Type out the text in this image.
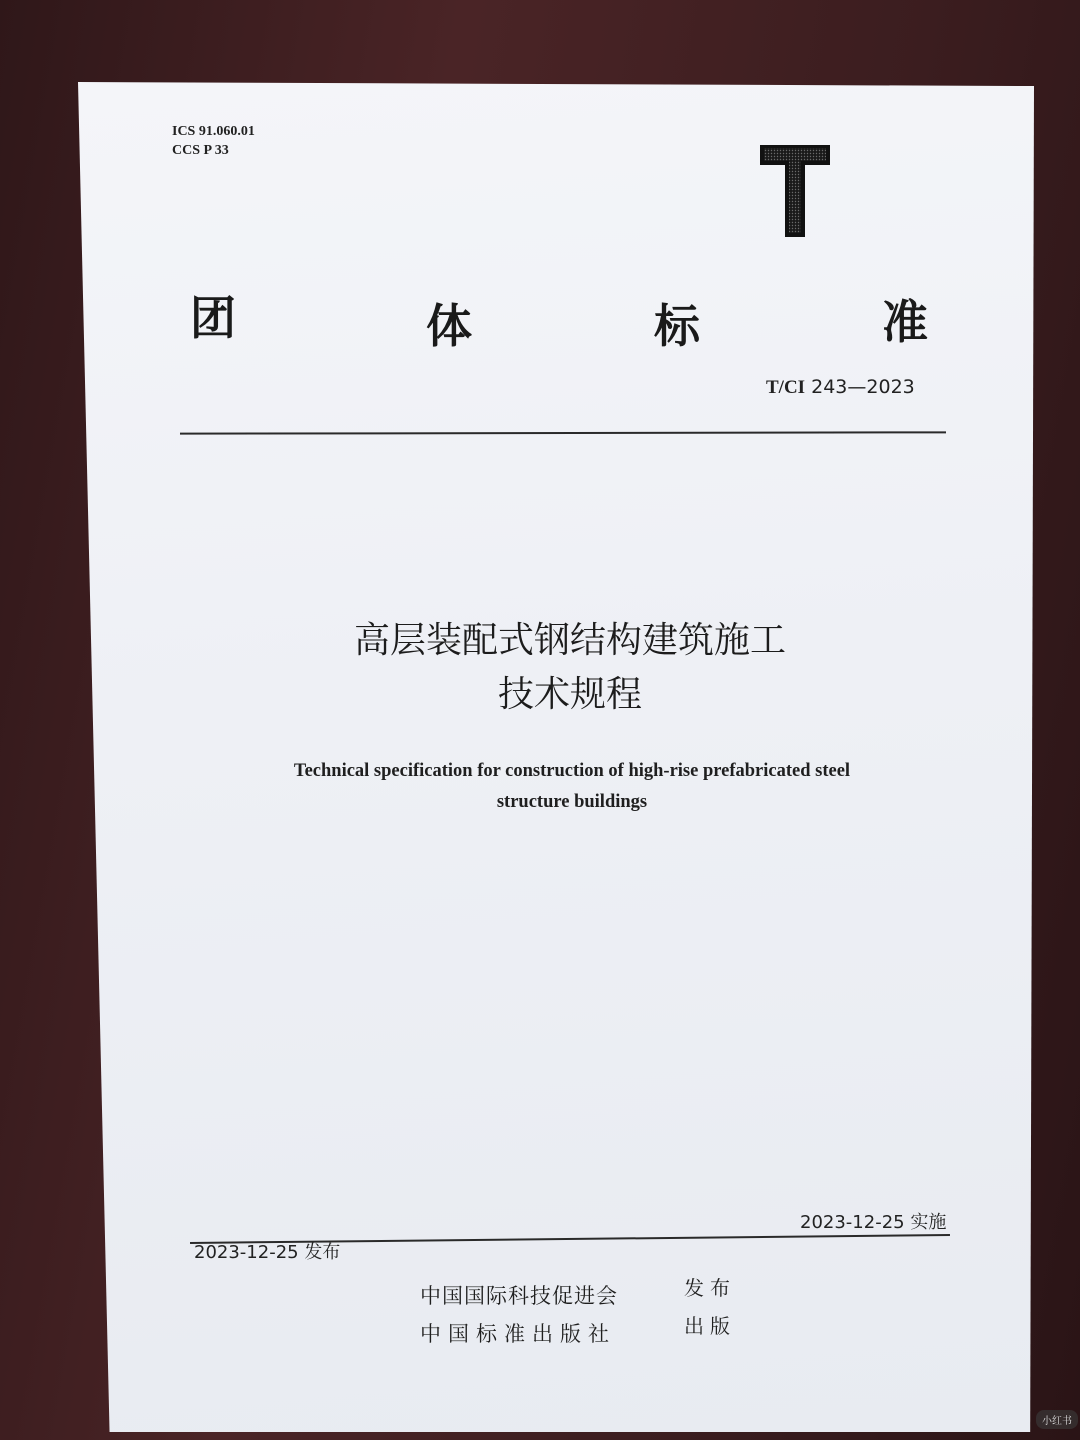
ICS 91.060.01
CCS P 33
团	体	标	准
T/CI 243—2023
高层装配式钢结构建筑施工
技术规程
Technical specification for construction of high-rise prefabricated steel
structure buildings
2023-12-25 实施
2023-12-25 发布
中国国际科技促进会	发布
中国标准出版社	出版
小红书
